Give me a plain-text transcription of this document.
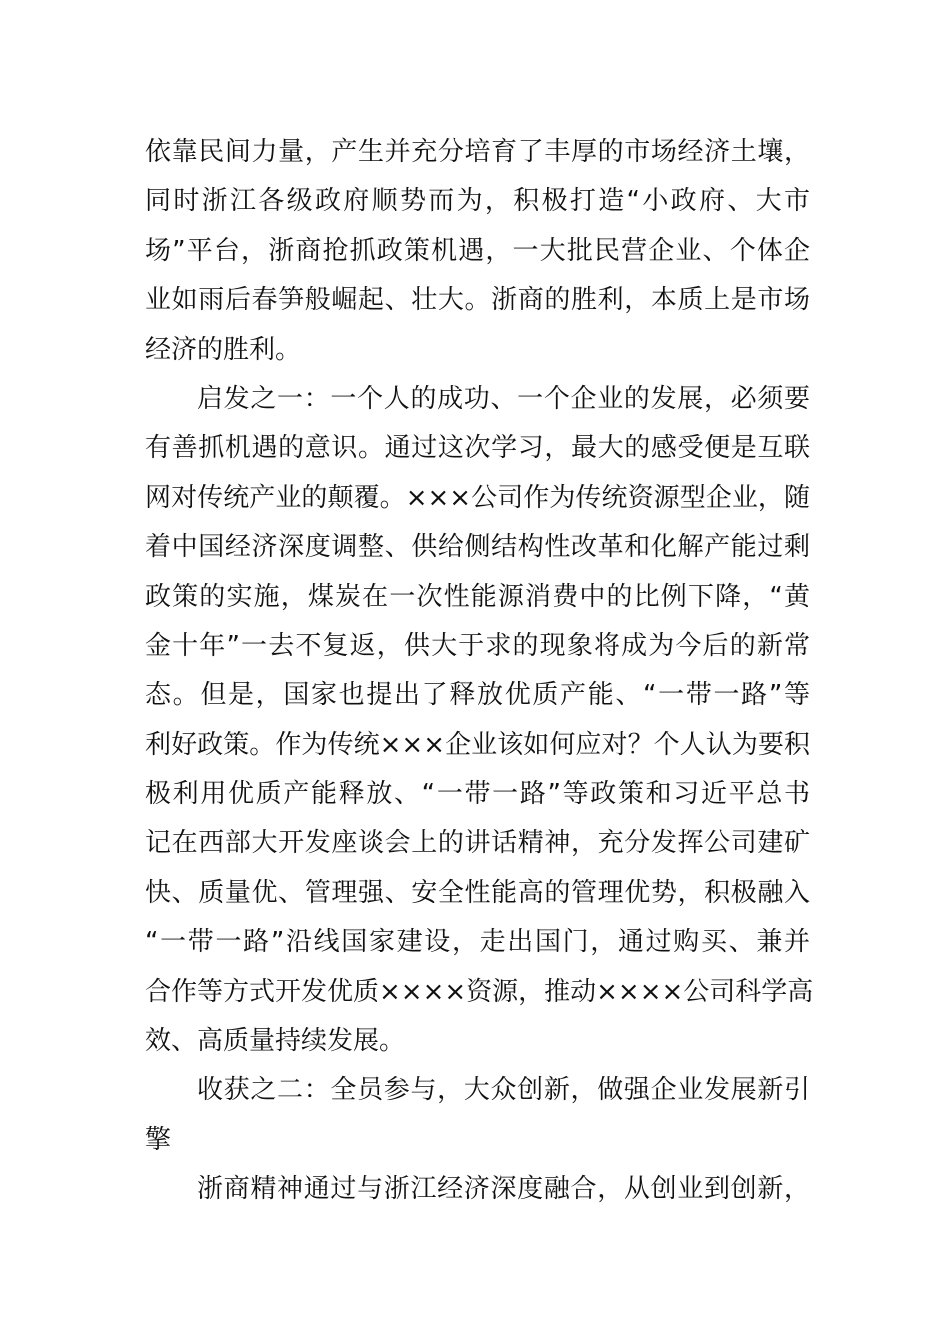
依靠民间力量，产生并充分培育了丰厚的市场经济土壤，
同时浙江各级政府顺势而为，积极打造“小政府、大市
场”平台，浙商抢抓政策机遇，一大批民营企业、个体企
业如雨后春笋般崛起、壮大。浙商的胜利，本质上是市场
经济的胜利。
启发之一：一个人的成功、一个企业的发展，必须要
有善抓机遇的意识。通过这次学习，最大的感受便是互联
网对传统产业的颠覆。×××公司作为传统资源型企业，随
着中国经济深度调整、供给侧结构性改革和化解产能过剩
政策的实施，煤炭在一次性能源消费中的比例下降，“黄
金十年”一去不复返，供大于求的现象将成为今后的新常
态。但是，国家也提出了释放优质产能、“一带一路”等
利好政策。作为传统×××企业该如何应对？个人认为要积
极利用优质产能释放、“一带一路”等政策和习近平总书
记在西部大开发座谈会上的讲话精神，充分发挥公司建矿
快、质量优、管理强、安全性能高的管理优势，积极融入
“一带一路”沿线国家建设，走出国门，通过购买、兼并
合作等方式开发优质××××资源，推动××××公司科学高
效、高质量持续发展。
收获之二：全员参与，大众创新，做强企业发展新引
擎
浙商精神通过与浙江经济深度融合，从创业到创新，
